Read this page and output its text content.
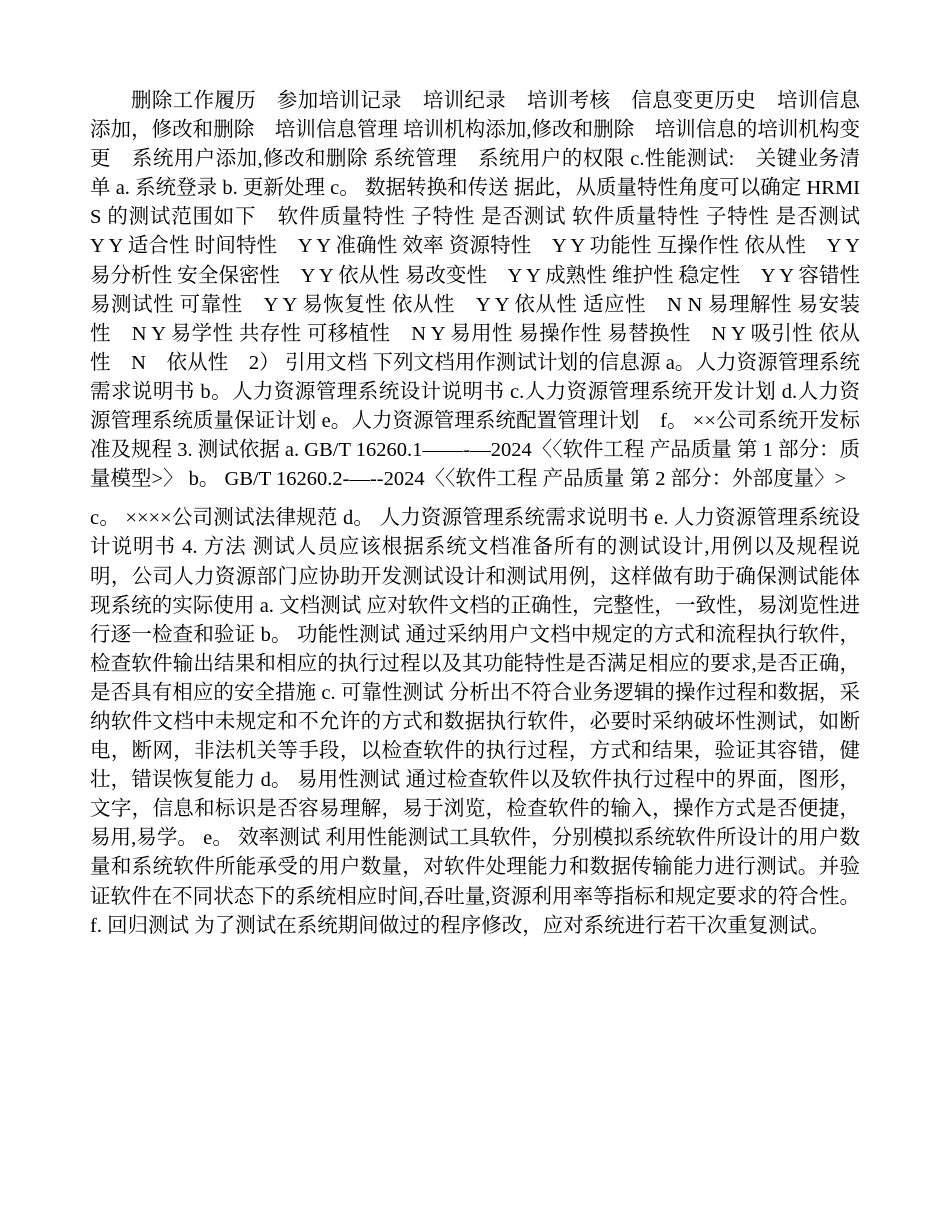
删除工作履历　参加培训记录　培训纪录　培训考核　信息变更历史　培训信息添加，修改和删除　培训信息管理 培训机构添加,修改和删除　培训信息的培训机构变更　系统用户添加,修改和删除 系统管理　系统用户的权限 c.性能测试:　关键业务清单 a. 系统登录 b. 更新处理 c。 数据转换和传送 据此，从质量特性角度可以确定 HRMIS 的测试范围如下　软件质量特性 子特性 是否测试 软件质量特性 子特性 是否测试　Y Y 适合性 时间特性　Y Y 准确性 效率 资源特性　Y Y 功能性 互操作性 依从性　Y Y 易分析性 安全保密性　Y Y 依从性 易改变性　Y Y 成熟性 维护性 稳定性　Y Y 容错性 易测试性 可靠性　Y Y 易恢复性 依从性　Y Y 依从性 适应性　N N 易理解性 易安装性　N Y 易学性 共存性 可移植性　N Y 易用性 易操作性 易替换性　N Y 吸引性 依从性　N　依从性　2） 引用文档 下列文档用作测试计划的信息源 a。人力资源管理系统需求说明书 b。人力资源管理系统设计说明书 c.人力资源管理系统开发计划 d.人力资源管理系统质量保证计划 e。人力资源管理系统配置管理计划　f。 ××公司系统开发标准及规程 3. 测试依据 a. GB/T 16260.1——-—2024〈〈软件工程 产品质量 第 1 部分：质量模型>〉 b。 GB/T 16260.2-—--2024〈〈软件工程 产品质量 第 2 部分：外部度量〉>

c。 ××××公司测试法律规范 d。 人力资源管理系统需求说明书 e. 人力资源管理系统设计说明书 4. 方法 测试人员应该根据系统文档准备所有的测试设计,用例以及规程说明，公司人力资源部门应协助开发测试设计和测试用例，这样做有助于确保测试能体现系统的实际使用 a. 文档测试 应对软件文档的正确性，完整性，一致性，易浏览性进行逐一检查和验证 b。 功能性测试 通过采纳用户文档中规定的方式和流程执行软件，检查软件输出结果和相应的执行过程以及其功能特性是否满足相应的要求,是否正确，是否具有相应的安全措施 c. 可靠性测试 分析出不符合业务逻辑的操作过程和数据，采纳软件文档中未规定和不允许的方式和数据执行软件，必要时采纳破坏性测试，如断电，断网，非法机关等手段，以检查软件的执行过程，方式和结果，验证其容错，健壮，错误恢复能力 d。 易用性测试 通过检查软件以及软件执行过程中的界面，图形，文字，信息和标识是否容易理解，易于浏览，检查软件的输入，操作方式是否便捷，易用,易学。 e。 效率测试 利用性能测试工具软件，分别模拟系统软件所设计的用户数量和系统软件所能承受的用户数量，对软件处理能力和数据传输能力进行测试。并验证软件在不同状态下的系统相应时间,吞吐量,资源利用率等指标和规定要求的符合性。 f. 回归测试 为了测试在系统期间做过的程序修改，应对系统进行若干次重复测试。
